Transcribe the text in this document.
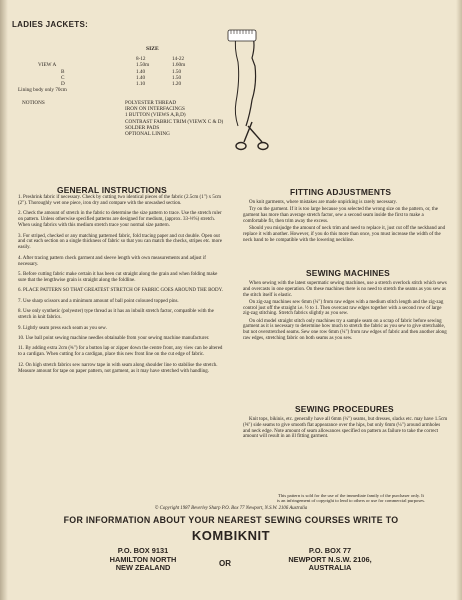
LADIES JACKETS:
SIZE

VIEW A
B
C
D
8-12
1.50m
1.40
1.40
1.10
14-22
1.60m
1.50
1.50
1.20
Lining body only 70cm
NOTIONS	POLYESTER THREAD
IRON ON INTERFACINGS
1 BUTTON (VIEWS A,B,D)
CONTRAST FABRIC TRIM (VIEWX C & D)
SOLDER PADS
OPTIONAL LINING
GENERAL INSTRUCTIONS

1. Preshrink fabric if necessary. Check by cutting two identical pieces of the fabric (2.5cm (1") x 5cm (2"). Thoroughly wet one piece, iron dry and compare with the unwashed section.

2. Check the amount of stretch in the fabric to determine the size pattern to trace. Use the stretch ruler on pattern. Unless otherwise specified patterns are designed for medium, (approx. 33-⅓%) stretch. When using fabrics with this medium stretch trace your normal size pattern.

3. For striped, checked or any matching patterned fabric, fold tracing paper and cut double. Open out and cut each section on a single thickness of fabric so that you can match the checks, stripes etc. more easily.

4. After tracing pattern check garment and sleeve length with own measurements and adjust if necessary.

5. Before cutting fabric make certain it has been cut straight along the grain and when folding make sure that the lengthwise grain is straight along the foldline.

6. PLACE PATTERN SO THAT GREATEST STRETCH OF FABRIC GOES AROUND THE BODY.

7. Use sharp scissors and a minimum amount of ball point coloured topped pins.

8. Use only synthetic (polyester) type thread as it has an inbuilt stretch factor, compatible with the stretch in knit fabrics.

9. Lightly seam press each seam as you sew.

10. Use ball point sewing machine needles obtainable from your sewing machine manufacturer.

11. By adding extra 2cm (¾") for a button lap or zipper down the centre front, any view can be altered to a cardigan. When cutting for a cardigan, place this new front line on the cut edge of fabric.

12. On high stretch fabrics sew narrow tape in with seam along shoulder line to stabilise the stretch. Measure amount for tape on paper pattern, not garment, as it may have stretched with handling.

FITTING ADJUSTMENTS

On knit garments, where mistakes are made unpicking is rarely necessary.

Try on the garment. If it is too large because you selected the wrong size on the pattern, or, the garment has more than average stretch factor, sew a second seam inside the first to make a comfortable fit, then trim away the excess.

Should you misjudge the amount of neck trim and need to replace it, just cut off the neckband and replace it with another. However, if you do this more than once, you must increase the width of the neck band to be compatible with the lowering neckline.

SEWING MACHINES

When sewing with the latest supermatic sewing machines, use a stretch overlock stitch which sews and overcasts in one operation. On these machines there is no need to stretch the seams as you sew as the stitch itself is elastic.

On zig-zag machines sew 6mm (¼") from raw edges with a medium stitch length and the zig-zag control just off the straight i.e. ½ to 1. Then overcast raw edges together with a second row of large zig-zag stitching. Stretch fabrics slightly as you sew.

On old model straight stitch only machines try a sample seam on a scrap of fabric before sewing garment as it is necessary to determine how much to stretch the fabric as you sew to give stretchable, but not overstretched seams. Sew one row 6mm (¼") from raw edges of fabric and then another along raw edges, stretching fabric on both seams as you sew.

SEWING PROCEDURES

Knit tops, bikinis, etc. generally have all 6mm (¼") seams, but dresses, slacks etc. may have 1.5cm (⅝") side seams to give smooth flat appearance over the hips, but only 6mm (¼") around armholes and neck edge. Note amount of seam allowances specified on pattern as failure to take the correct amount will result in an ill fitting garment.

This pattern is sold for the use of the immediate family of the purchaser only. It is an infringement of copyright to lend to others or use for commercial purposes.
© Copyright 1987 Beverley Sharp P.O. Box 77 Newport, N.S.W. 2106 Australia
FOR INFORMATION ABOUT YOUR NEAREST SEWING COURSES WRITE TO
KOMBIKNIT
P.O. BOX 9131
HAMILTON NORTH
NEW ZEALAND	OR
P.O. BOX 77
NEWPORT N.S.W. 2106,
AUSTRALIA
